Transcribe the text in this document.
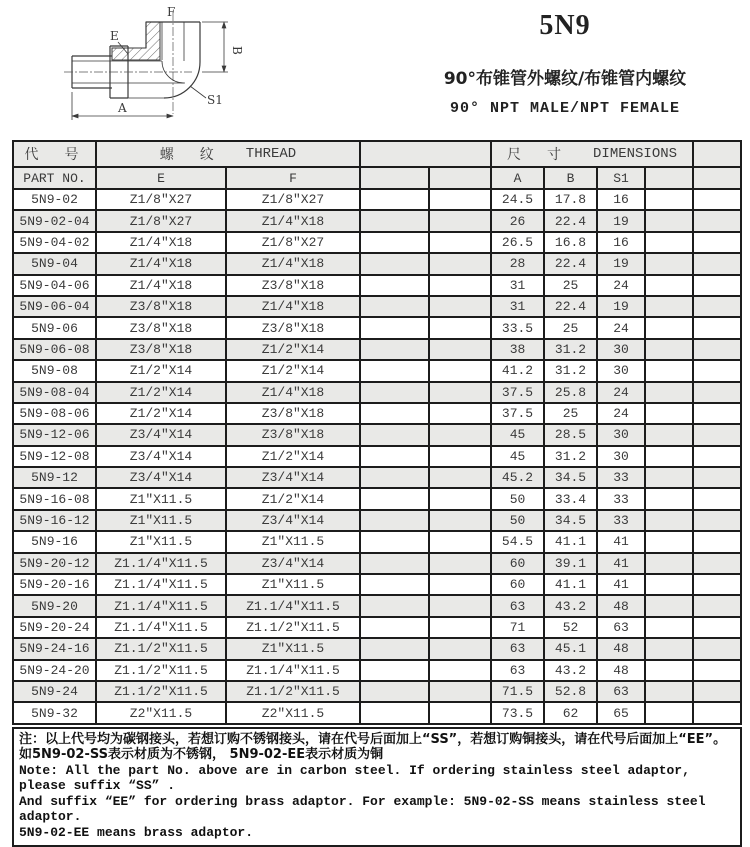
E
F
A
B
S1
5N9
90°布锥管外螺纹/布锥管内螺纹
90° NPT MALE/NPT FEMALE
代　号	螺　纹 THREAD				尺　寸 DIMENSIONS				

PART NO.	E	F			A	B	S1		
5N9-02	Z1/8″X27	Z1/8″X27			24.5	17.8	16		
5N9-02-04	Z1/8″X27	Z1/4″X18			26	22.4	19		
5N9-04-02	Z1/4″X18	Z1/8″X27			26.5	16.8	16		
5N9-04	Z1/4″X18	Z1/4″X18			28	22.4	19		
5N9-04-06	Z1/4″X18	Z3/8″X18			31	25	24		
5N9-06-04	Z3/8″X18	Z1/4″X18			31	22.4	19		
5N9-06	Z3/8″X18	Z3/8″X18			33.5	25	24		
5N9-06-08	Z3/8″X18	Z1/2″X14			38	31.2	30		
5N9-08	Z1/2″X14	Z1/2″X14			41.2	31.2	30		
5N9-08-04	Z1/2″X14	Z1/4″X18			37.5	25.8	24		
5N9-08-06	Z1/2″X14	Z3/8″X18			37.5	25	24		
5N9-12-06	Z3/4″X14	Z3/8″X18			45	28.5	30		
5N9-12-08	Z3/4″X14	Z1/2″X14			45	31.2	30		
5N9-12	Z3/4″X14	Z3/4″X14			45.2	34.5	33		
5N9-16-08	Z1″X11.5	Z1/2″X14			50	33.4	33		
5N9-16-12	Z1″X11.5	Z3/4″X14			50	34.5	33		
5N9-16	Z1″X11.5	Z1″X11.5			54.5	41.1	41		
5N9-20-12	Z1.1/4″X11.5	Z3/4″X14			60	39.1	41		
5N9-20-16	Z1.1/4″X11.5	Z1″X11.5			60	41.1	41		
5N9-20	Z1.1/4″X11.5	Z1.1/4″X11.5			63	43.2	48		
5N9-20-24	Z1.1/4″X11.5	Z1.1/2″X11.5			71	52	63		
5N9-24-16	Z1.1/2″X11.5	Z1″X11.5			63	45.1	48		
5N9-24-20	Z1.1/2″X11.5	Z1.1/4″X11.5			63	43.2	48		
5N9-24	Z1.1/2″X11.5	Z1.1/2″X11.5			71.5	52.8	63		
5N9-32	Z2″X11.5	Z2″X11.5			73.5	62	65		
注：以上代号均为碳钢接头，若想订购不锈钢接头，请在代号后面加上“SS”，若想订购铜接头，请在代号后面加上“EE”。
如5N9-02-SS表示材质为不锈钢， 5N9-02-EE表示材质为铜
Note: All the part No. above are in carbon steel. If ordering stainless steel adaptor, please suffix “SS” .
And suffix “EE” for ordering brass adaptor. For example: 5N9-02-SS means stainless steel adaptor.
5N9-02-EE means brass adaptor.
